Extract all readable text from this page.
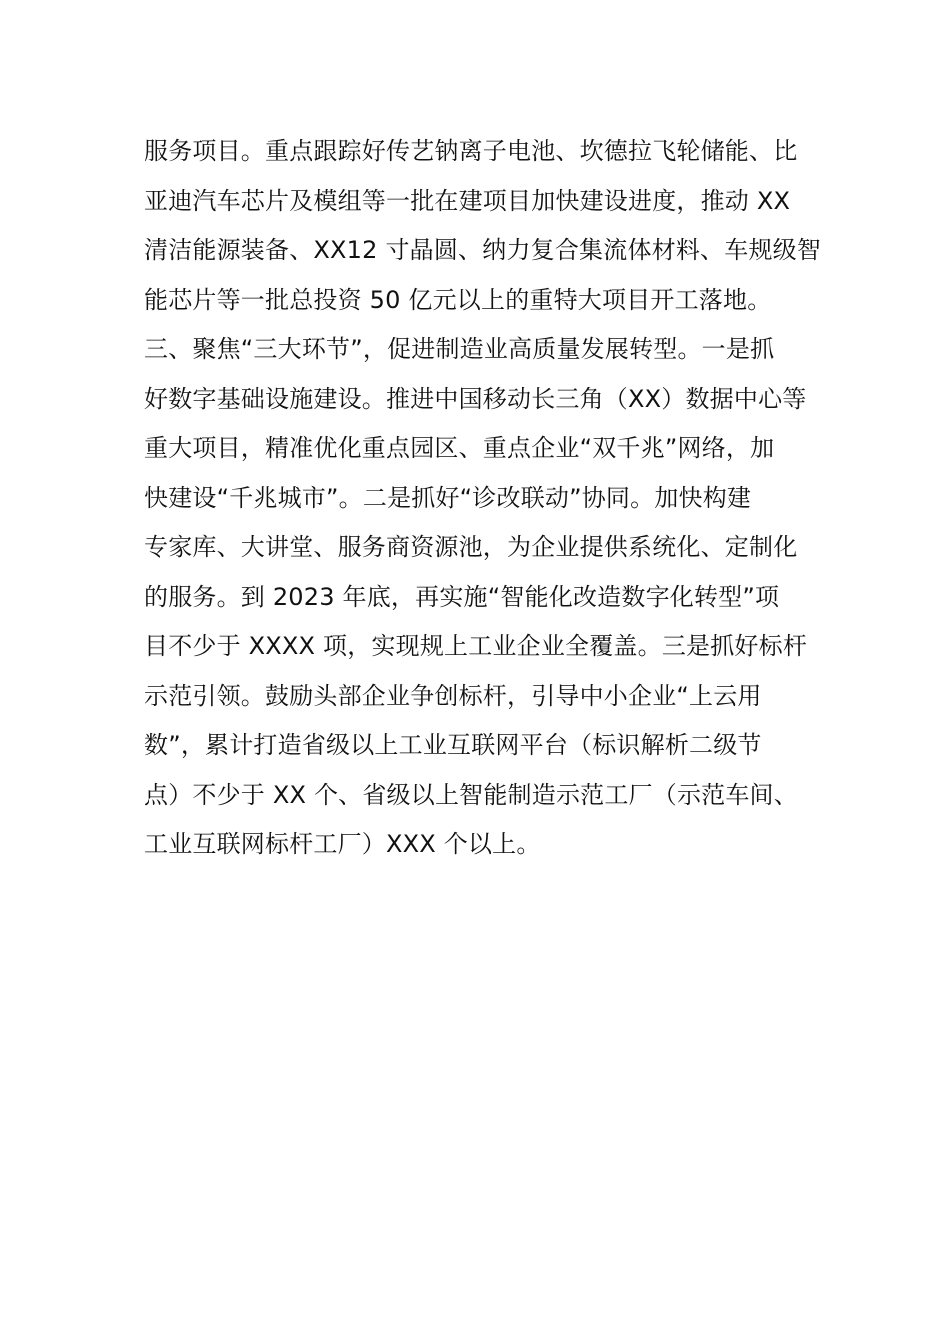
服务项目。重点跟踪好传艺钠离子电池、坎德拉飞轮储能、比
亚迪汽车芯片及模组等一批在建项目加快建设进度，推动 XX
清洁能源装备、XX12 寸晶圆、纳力复合集流体材料、车规级智
能芯片等一批总投资 50 亿元以上的重特大项目开工落地。
三、聚焦“三大环节”，促进制造业高质量发展转型。一是抓
好数字基础设施建设。推进中国移动长三角（XX）数据中心等
重大项目，精准优化重点园区、重点企业“双千兆”网络，加
快建设“千兆城市”。二是抓好“诊改联动”协同。加快构建
专家库、大讲堂、服务商资源池，为企业提供系统化、定制化
的服务。到 2023 年底，再实施“智能化改造数字化转型”项
目不少于 XXXX 项，实现规上工业企业全覆盖。三是抓好标杆
示范引领。鼓励头部企业争创标杆，引导中小企业“上云用
数”，累计打造省级以上工业互联网平台（标识解析二级节
点）不少于 XX 个、省级以上智能制造示范工厂（示范车间、
工业互联网标杆工厂）XXX 个以上。
